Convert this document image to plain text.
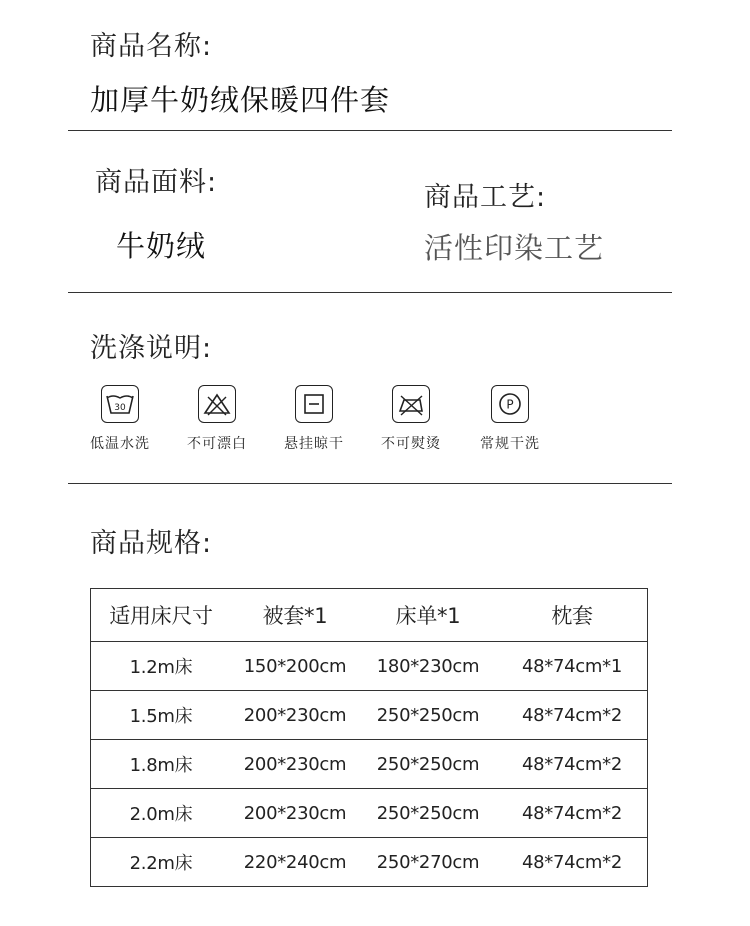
商品名称:
加厚牛奶绒保暖四件套
商品面料:
牛奶绒
商品工艺:
活性印染工艺
洗涤说明:
30
低温水洗	不可漂白	悬挂晾干	不可熨烫
P
常规干洗
商品规格:
适用床尺寸	被套*1	床单*1	枕套
1.2m床	150*200cm	180*230cm	48*74cm*1
1.5m床	200*230cm	250*250cm	48*74cm*2
1.8m床	200*230cm	250*250cm	48*74cm*2
2.0m床	200*230cm	250*250cm	48*74cm*2
2.2m床	220*240cm	250*270cm	48*74cm*2
